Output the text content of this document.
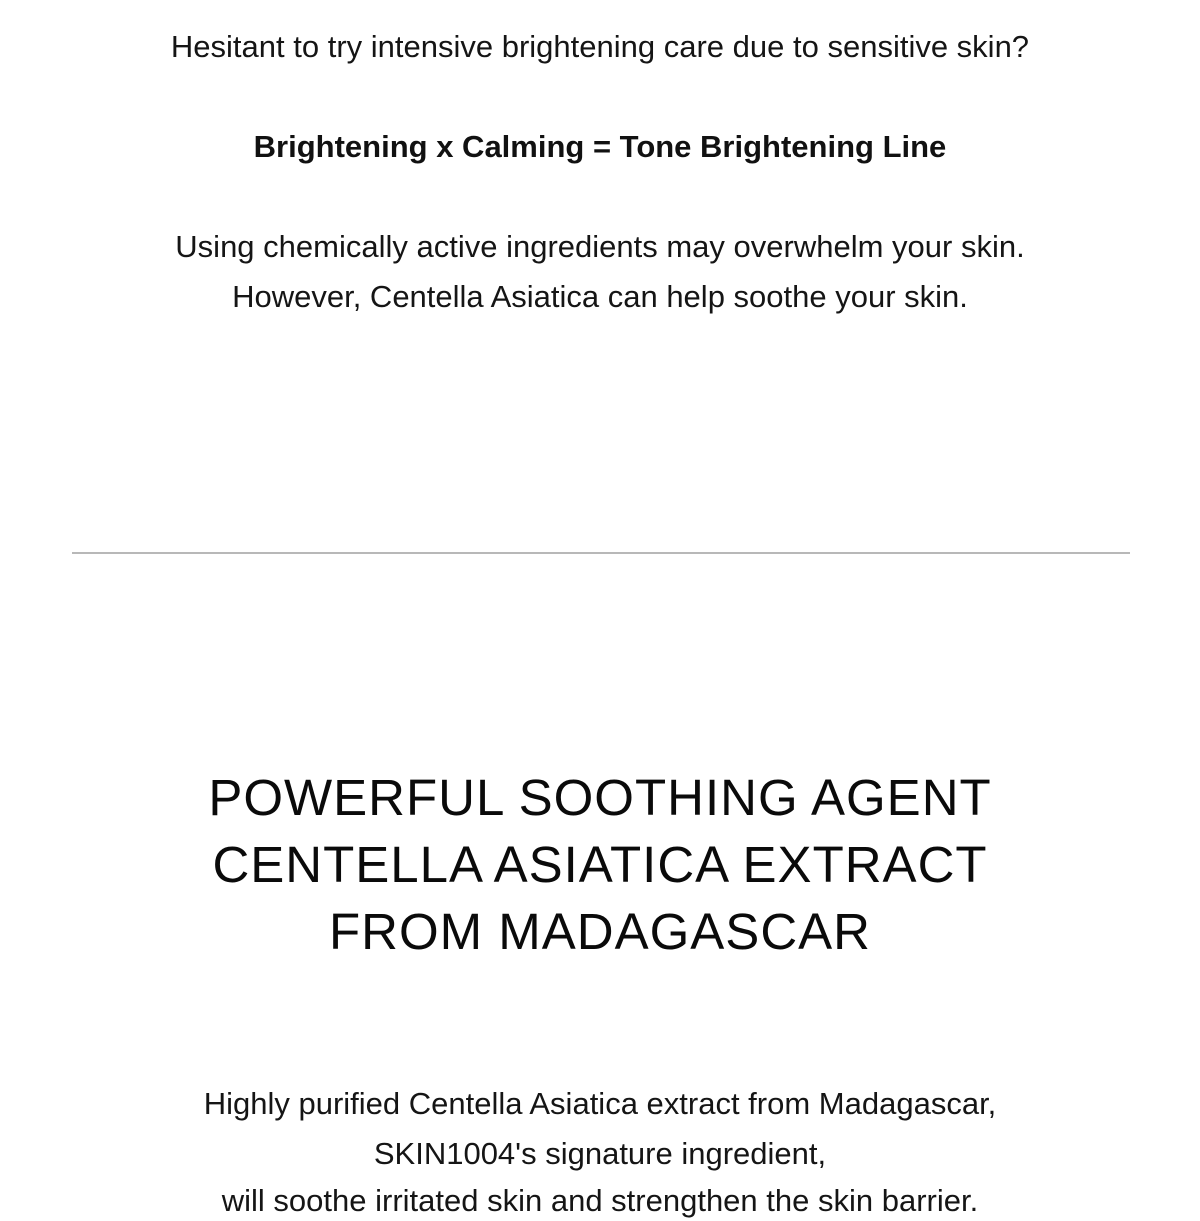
Hesitant to try intensive brightening care due to sensitive skin?
Brightening x Calming = Tone Brightening Line
Using chemically active ingredients may overwhelm your skin.
However, Centella Asiatica can help soothe your skin.
POWERFUL SOOTHING AGENT
CENTELLA ASIATICA EXTRACT
FROM MADAGASCAR
Highly purified Centella Asiatica extract from Madagascar,
SKIN1004's signature ingredient,
will soothe irritated skin and strengthen the skin barrier.
